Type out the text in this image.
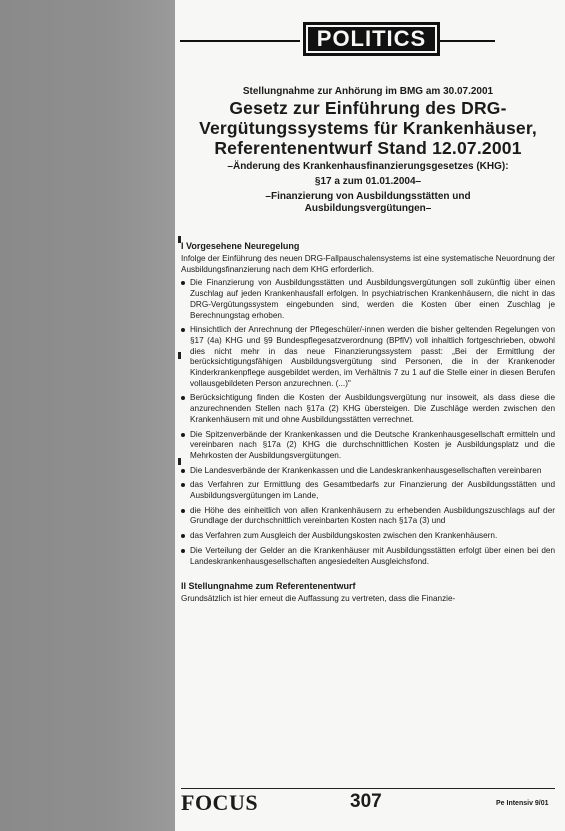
POLITICS
Stellungnahme zur Anhörung im BMG am 30.07.2001
Gesetz zur Einführung des DRG-
Vergütungssystems für Krankenhäuser,
Referentenentwurf Stand 12.07.2001
–Änderung des Krankenhausfinanzierungsgesetzes (KHG):
§17 a zum 01.01.2004–
–Finanzierung von Ausbildungsstätten und
Ausbildungsvergütungen–
I Vorgesehene Neuregelung
Infolge der Einführung des neuen DRG-Fallpauschalensystems ist eine systematische Neuordnung der Ausbildungsfinanzierung nach dem KHG erforderlich.
Die Finanzierung von Ausbildungsstätten und Ausbildungsvergütungen soll zukünftig über einen Zuschlag auf jeden Krankenhausfall erfolgen. In psychiatrischen Krankenhäusern, die nicht in das DRG-Vergütungssystem eingebunden sind, werden die Kosten über einen Zuschlag je Berechnungstag erhoben.
Hinsichtlich der Anrechnung der Pflegeschüler/-innen werden die bisher geltenden Regelungen von §17 (4a) KHG und §9 Bundespflegesatzverordnung (BPflV) voll inhaltlich fortgeschrieben, obwohl dies nicht mehr in das neue Finanzierungssystem passt: „Bei der Ermittlung der berücksichtigungsfähigen Ausbildungsvergütung sind Personen, die in der Krankenoder Kinderkrankenpflege ausgebildet werden, im Verhältnis 7 zu 1 auf die Stelle einer in diesen Berufen vollausgebildeten Person anzurechnen. (...)"
Berücksichtigung finden die Kosten der Ausbildungsvergütung nur insoweit, als dass diese die anzurechnenden Stellen nach §17a (2) KHG übersteigen. Die Zuschläge werden zwischen den Krankenhäusern mit und ohne Ausbildungsstätten verrechnet.
Die Spitzenverbände der Krankenkassen und die Deutsche Krankenhausgesellschaft ermitteln und vereinbaren nach §17a (2) KHG die durchschnittlichen Kosten je Ausbildungsplatz und die Mehrkosten der Ausbildungsvergütungen.
Die Landesverbände der Krankenkassen und die Landeskrankenhausgesellschaften vereinbaren
das Verfahren zur Ermittlung des Gesamtbedarfs zur Finanzierung der Ausbildungsstätten und Ausbildungsvergütungen im Lande,
die Höhe des einheitlich von allen Krankenhäusern zu erhebenden Ausbildungszuschlags auf der Grundlage der durchschnittlich vereinbarten Kosten nach §17a (3) und
das Verfahren zum Ausgleich der Ausbildungskosten zwischen den Krankenhäusern.
Die Verteilung der Gelder an die Krankenhäuser mit Ausbildungsstätten erfolgt über einen bei den Landeskrankenhausgesellschaften angesiedelten Ausgleichsfond.
II Stellungnahme zum Referentenentwurf
Grundsätzlich ist hier erneut die Auffassung zu vertreten, dass die Finanzie-
FOCUS	307	Pe Intensiv 9/01
